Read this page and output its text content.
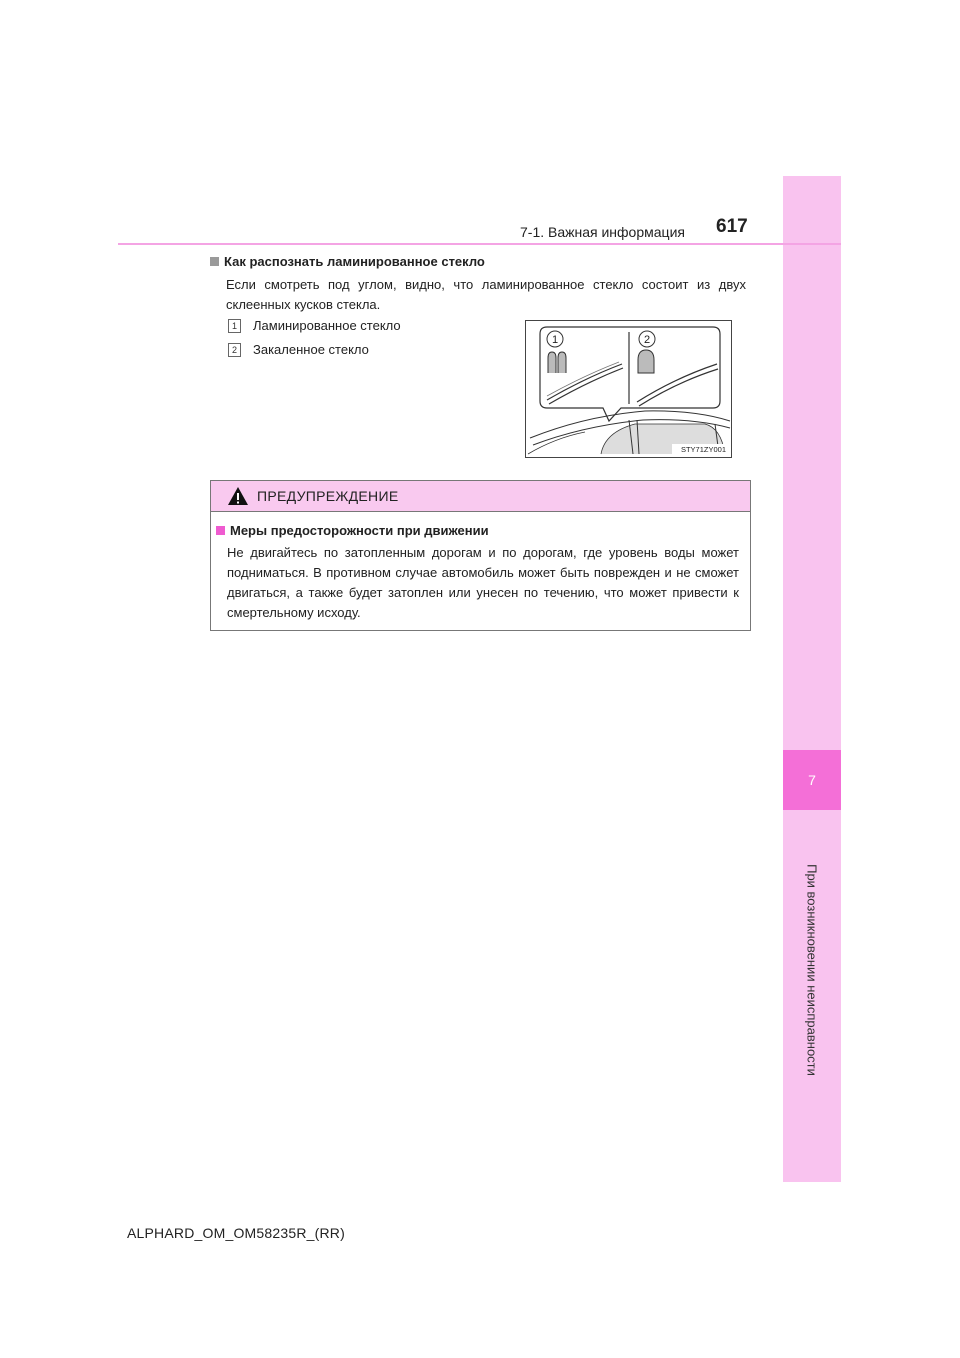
7
При возникновении неисправности
7-1. Важная информация 617
Как распознать ламинированное стекло
Если смотреть под углом, видно, что ламинированное стекло состоит из двух склеенных кусков стекла.
1	Ламинированное стекло
2	Закаленное стекло
1	2
STY71ZY001
ПРЕДУПРЕЖДЕНИЕ
Меры предосторожности при движении
Не двигайтесь по затопленным дорогам и по дорогам, где уровень воды может подниматься. В противном случае автомобиль может быть поврежден и не сможет двигаться, а также будет затоплен или унесен по течению, что может привести к смертельному исходу.
ALPHARD_OM_OM58235R_(RR)
